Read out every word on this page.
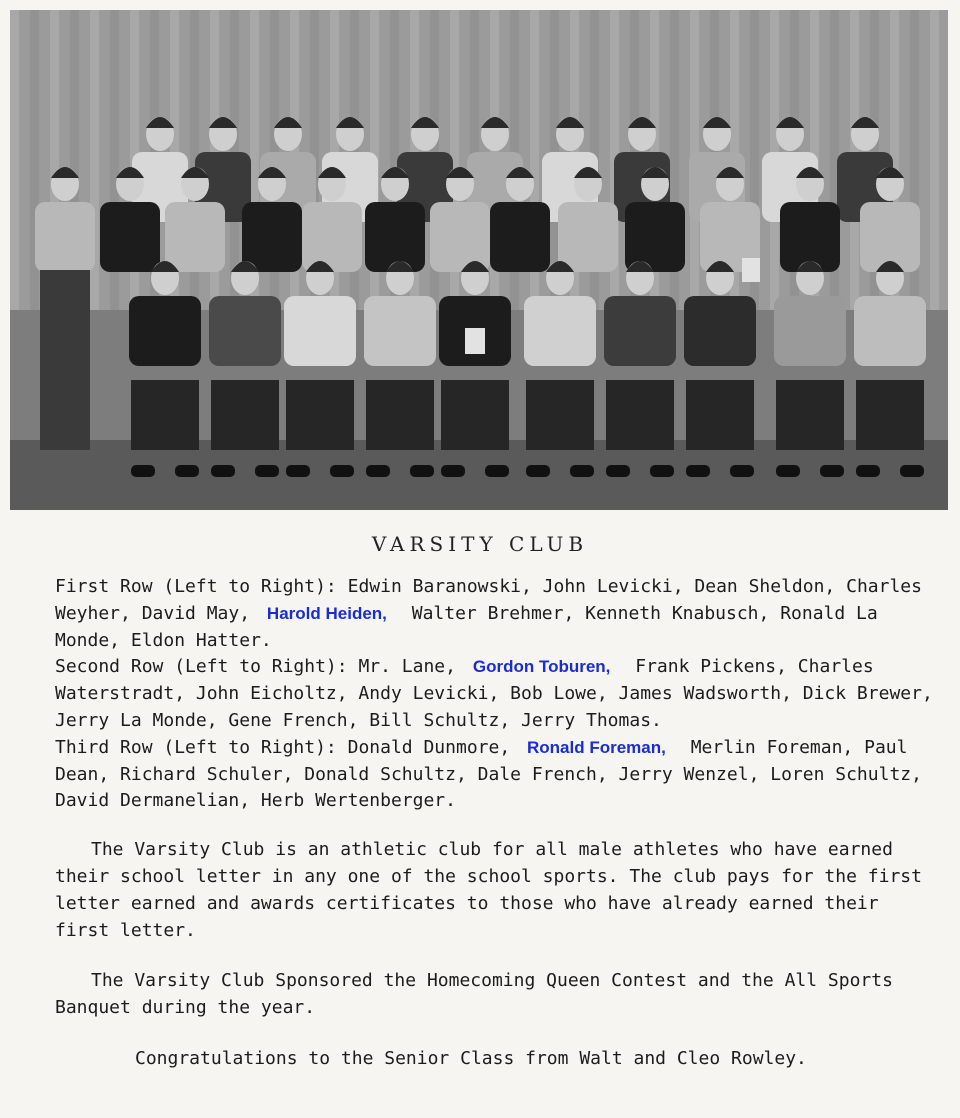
VARSITY CLUB

First Row (Left to Right): Edwin Baranowski, John Levicki, Dean Sheldon, Charles Weyher, David May, Harold Heiden, Walter Brehmer, Kenneth Knabusch, Ronald La Monde, Eldon Hatter.

Second Row (Left to Right): Mr. Lane, Gordon Toburen, Frank Pickens, Charles Waterstradt, John Eicholtz, Andy Levicki, Bob Lowe, James Wadsworth, Dick Brewer, Jerry La Monde, Gene French, Bill Schultz, Jerry Thomas.

Third Row (Left to Right): Donald Dunmore, Ronald Foreman, Merlin Foreman, Paul Dean, Richard Schuler, Donald Schultz, Dale French, Jerry Wenzel, Loren Schultz, David Dermanelian, Herb Wertenberger.

The Varsity Club is an athletic club for all male athletes who have earned their school letter in any one of the school sports. The club pays for the first letter earned and awards certificates to those who have already earned their first letter.

The Varsity Club Sponsored the Homecoming Queen Contest and the All Sports Banquet during the year.

Congratulations to the Senior Class from Walt and Cleo Rowley.
